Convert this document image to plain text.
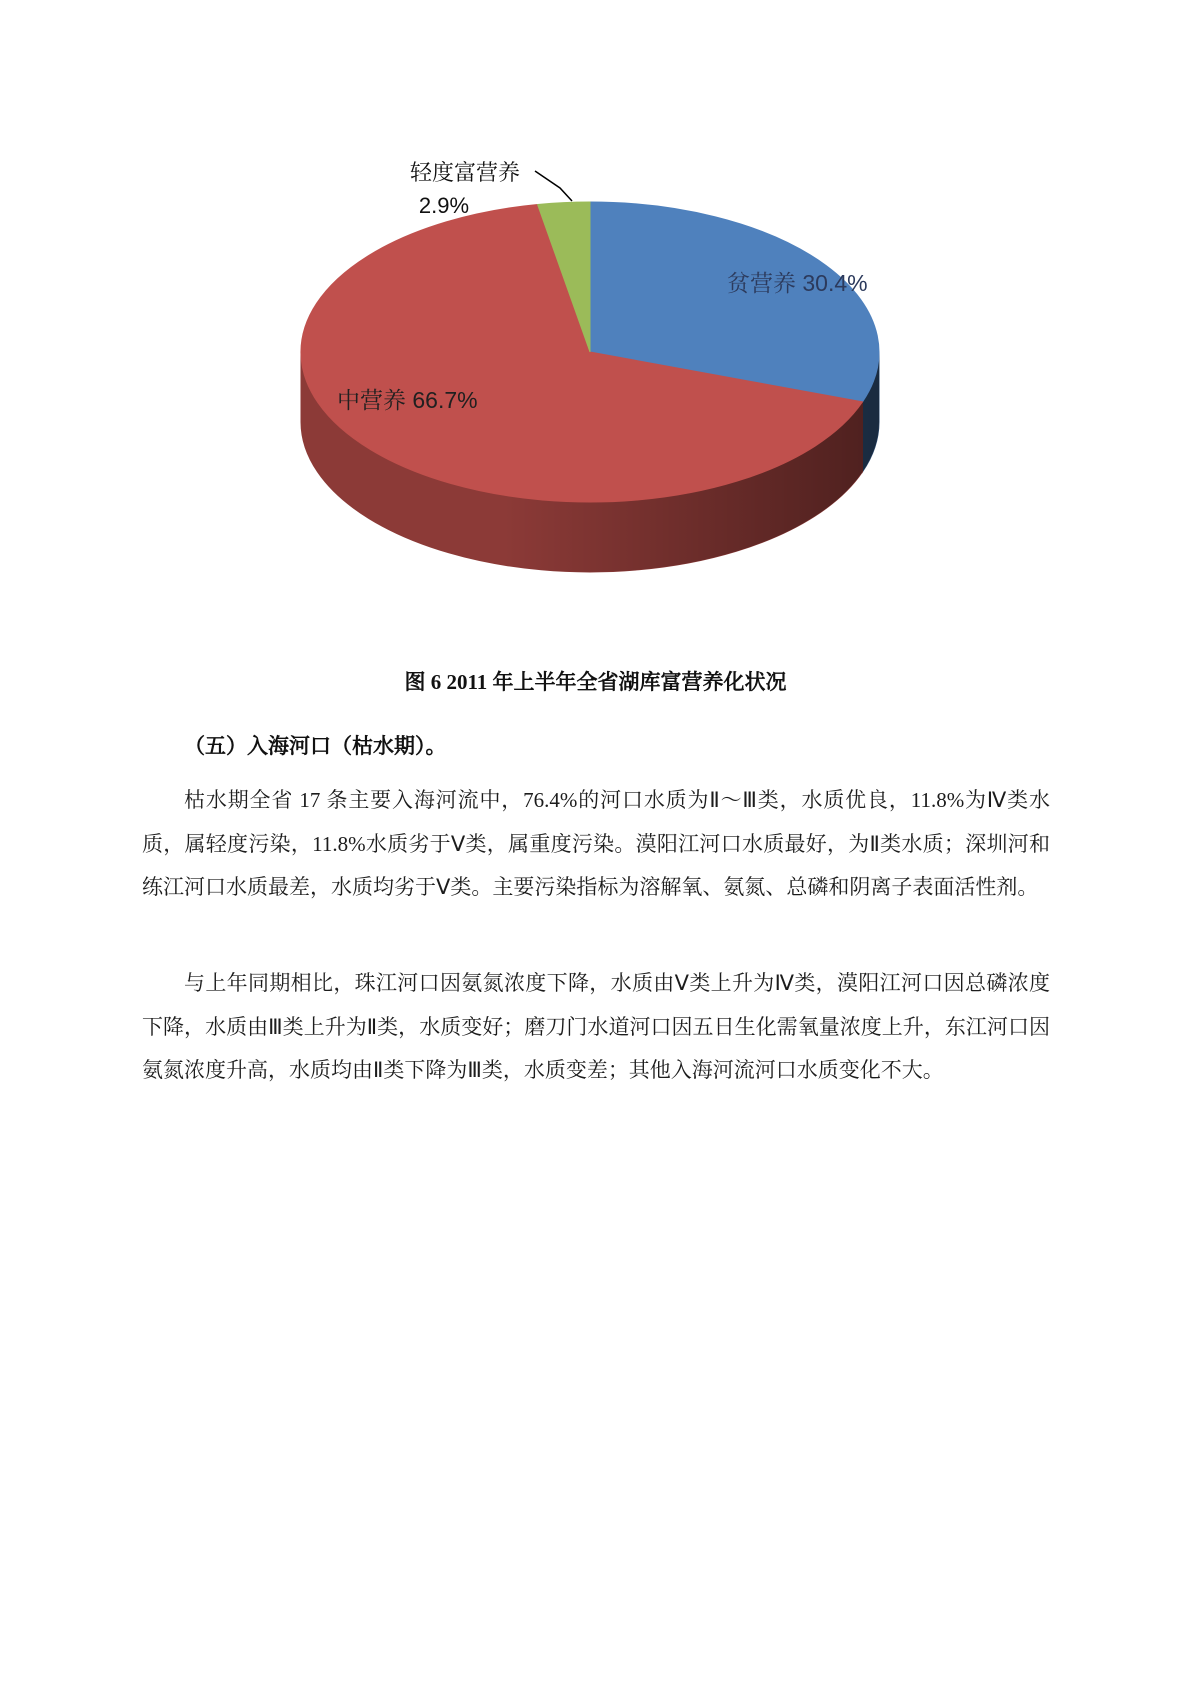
轻度富营养
2.9%
贫营养 30.4%
中营养 66.7%
图 6 2011 年上半年全省湖库富营养化状况
（五）入海河口（枯水期）。

枯水期全省 17 条主要入海河流中，76.4%的河口水质为Ⅱ～Ⅲ类，水质优良，11.8%为Ⅳ类水质，属轻度污染，11.8%水质劣于Ⅴ类，属重度污染。漠阳江河口水质最好，为Ⅱ类水质；深圳河和练江河口水质最差，水质均劣于Ⅴ类。主要污染指标为溶解氧、氨氮、总磷和阴离子表面活性剂。

与上年同期相比，珠江河口因氨氮浓度下降，水质由Ⅴ类上升为Ⅳ类，漠阳江河口因总磷浓度下降，水质由Ⅲ类上升为Ⅱ类，水质变好；磨刀门水道河口因五日生化需氧量浓度上升，东江河口因氨氮浓度升高，水质均由Ⅱ类下降为Ⅲ类，水质变差；其他入海河流河口水质变化不大。
